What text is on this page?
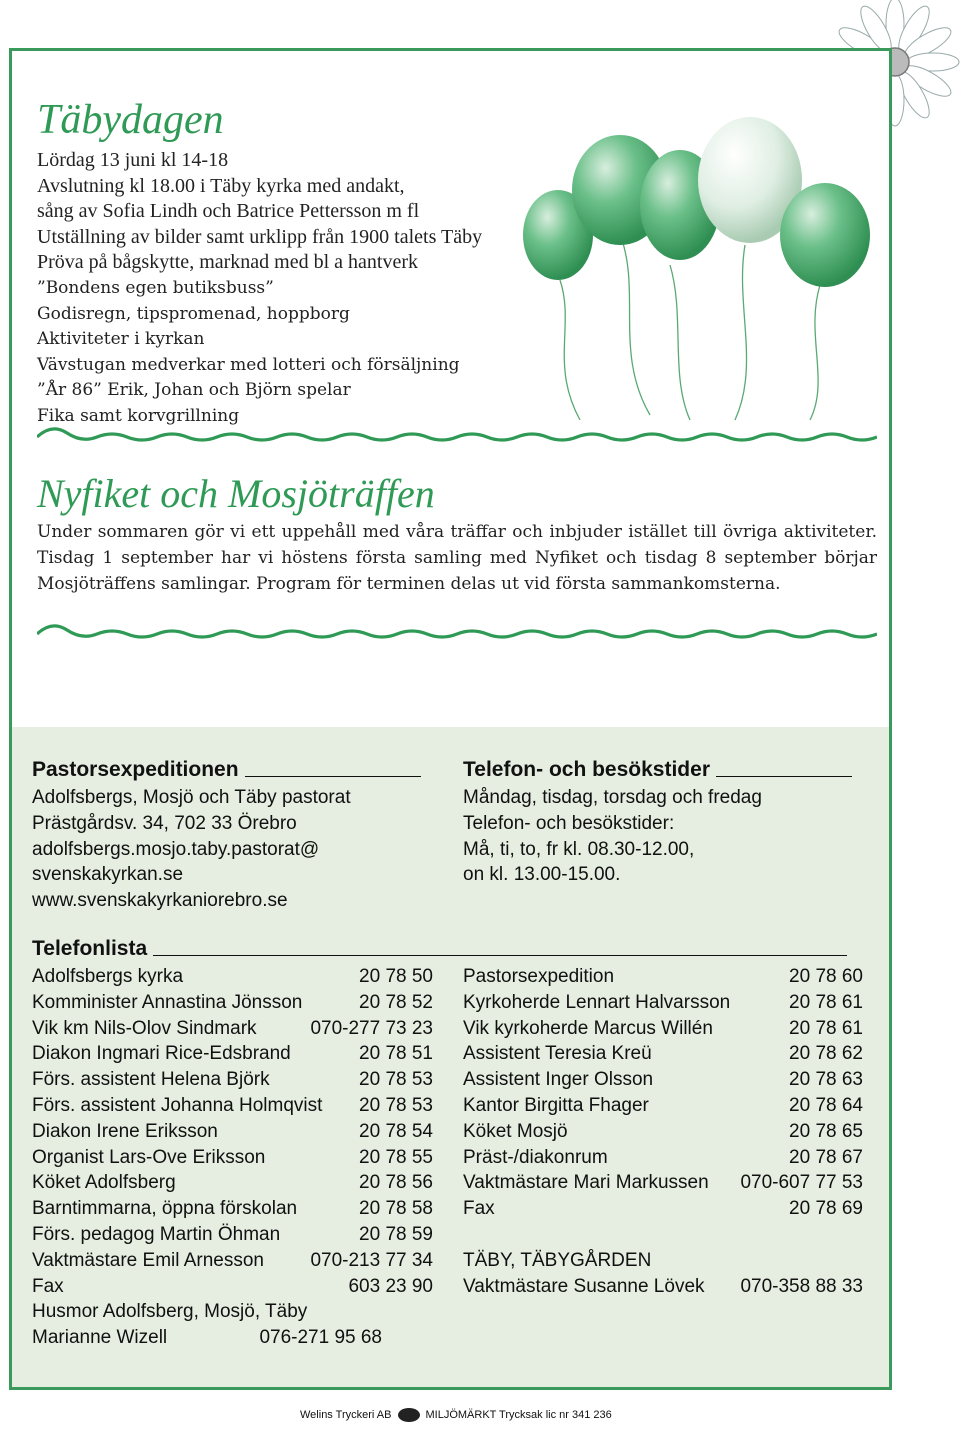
Täbydagen
Lördag 13 juni kl 14-18
Avslutning kl 18.00 i Täby kyrka med andakt,
sång av Sofia Lindh och Batrice Pettersson m fl
Utställning av bilder samt urklipp från 1900 talets Täby
Pröva på bågskytte, marknad med bl a hantverk
”Bondens egen butiksbuss”
Godisregn, tipspromenad, hoppborg
Aktiviteter i kyrkan
Vävstugan medverkar med lotteri och försäljning
”År 86” Erik, Johan och Björn spelar
Fika samt korvgrillning
Nyfiket och Mosjöträffen

Under sommaren gör vi ett uppehåll med våra träffar och inbjuder istället till övriga aktiviteter. Tisdag 1 september har vi höstens första samling med Nyfiket och tisdag 8 september börjar Mosjöträffens samlingar. Program för terminen delas ut vid första sammankomsterna.

Pastorsexpeditionen
Adolfsbergs, Mosjö och Täby pastorat
Prästgårdsv. 34, 702 33 Örebro
adolfsbergs.mosjo.taby.pastorat@
svenskakyrkan.se
www.svenskakyrkaniorebro.se
Telefon- och besökstider
Måndag, tisdag, torsdag och fredag
Telefon- och besökstider:
Må, ti, to, fr kl. 08.30-12.00,
on kl. 13.00-15.00.
Telefonlista
Adolfsbergs kyrka	20 78 50
Komminister Annastina Jönsson	20 78 52
Vik km Nils-Olov Sindmark	070-277 73 23
Diakon Ingmari Rice-Edsbrand	20 78 51
Förs. assistent Helena Björk	20 78 53
Förs. assistent Johanna Holmqvist 20 78 53
Diakon Irene Eriksson	20 78 54
Organist Lars-Ove Eriksson	20 78 55
Köket Adolfsberg	20 78 56
Barntimmarna, öppna förskolan	20 78 58
Förs. pedagog Martin Öhman	20 78 59
Vaktmästare Emil Arnesson 070-213 77 34
Fax	603 23 90
Husmor Adolfsberg, Mosjö, Täby
Marianne Wizell	076-271 95 68
Pastorsexpedition	20 78 60
Kyrkoherde Lennart Halvarsson	20 78 61
Vik kyrkoherde Marcus Willén	20 78 61
Assistent Teresia Kreü	20 78 62
Assistent Inger Olsson	20 78 63
Kantor Birgitta Fhager	20 78 64
Köket Mosjö	20 78 65
Präst-/diakonrum	20 78 67
Vaktmästare Mari Markussen 070-607 77 53
Fax	20 78 69
TÄBY, TÄBYGÅRDEN
Vaktmästare Susanne Lövek 070-358 88 33
Welins Tryckeri AB	MILJÖMÄRKT Trycksak lic nr 341 236
